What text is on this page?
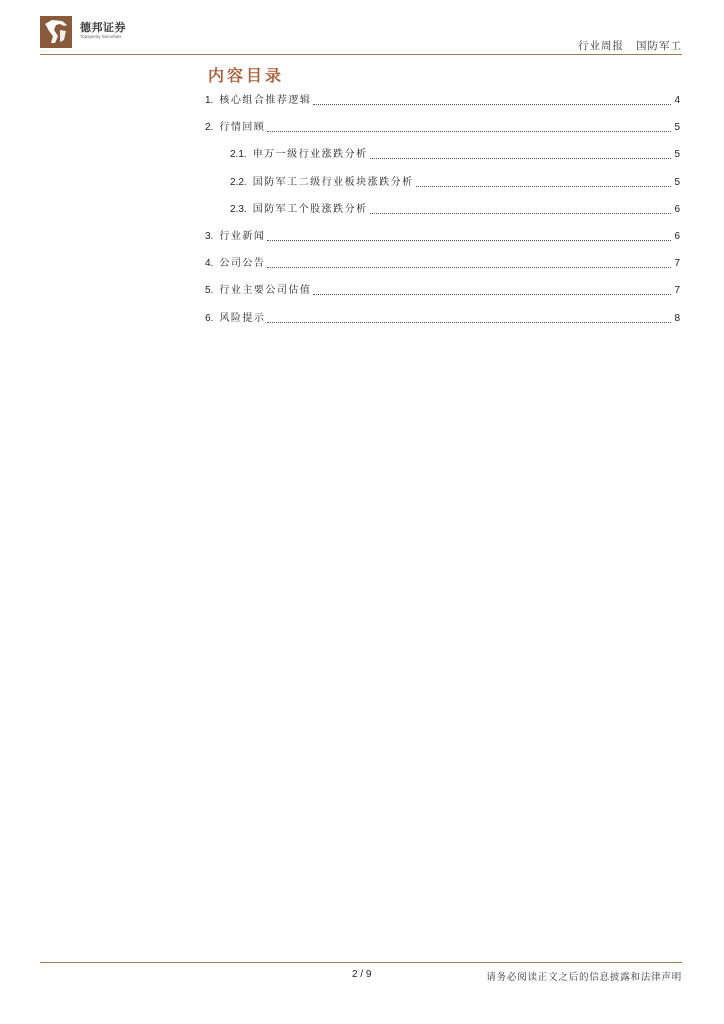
德邦证券
Topsperity Securities
行业周报 国防军工
内容目录
1. 核心组合推荐逻辑	4
2. 行情回顾	5
2.1. 申万一级行业涨跌分析	5
2.2. 国防军工二级行业板块涨跌分析	5
2.3. 国防军工个股涨跌分析	6
3. 行业新闻	6
4. 公司公告	7
5. 行业主要公司估值	7
6. 风险提示	8
2 / 9	请务必阅读正文之后的信息披露和法律声明
